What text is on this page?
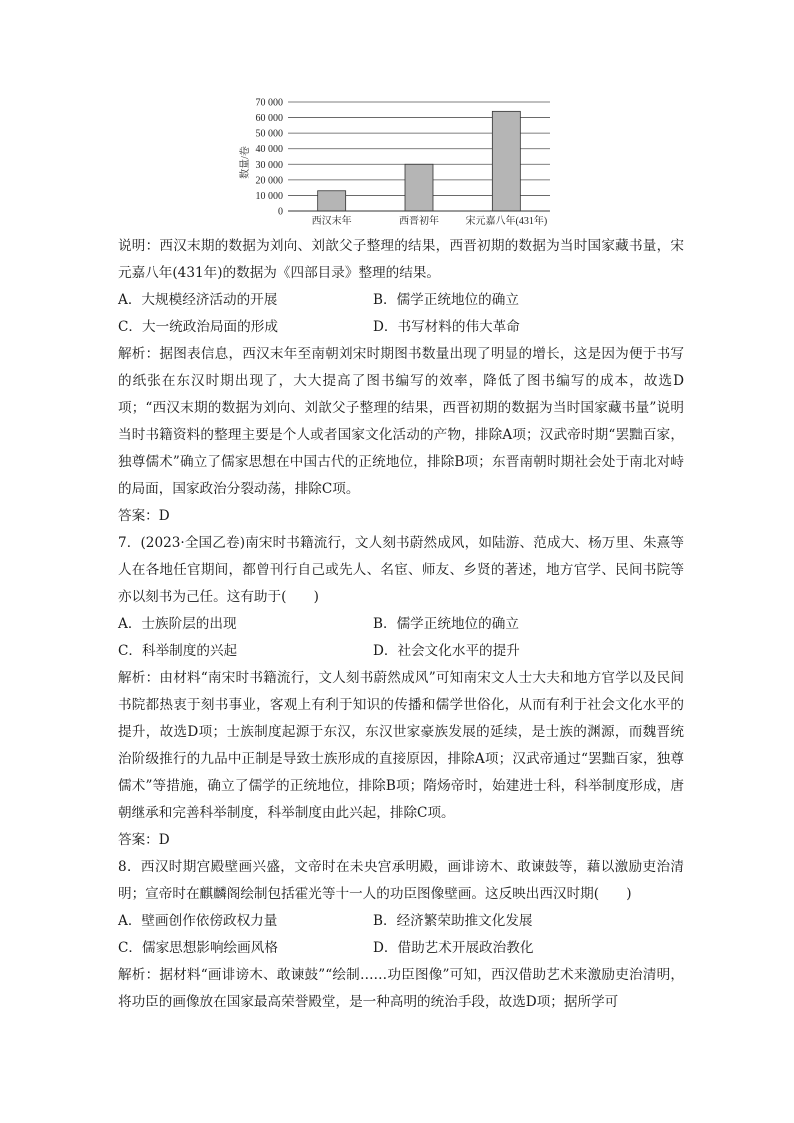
0
10 000
20 000
30 000
40 000
50 000
60 000
70 000
西汉末年	西晋初年	宋元嘉八年(431年)
数量/卷

说明：西汉末期的数据为刘向、刘歆父子整理的结果，西晋初期的数据为当时国家藏书量，宋元嘉八年(431年)的数据为《四部目录》整理的结果。

A．大规模经济活动的开展	B．儒学正统地位的确立
C．大一统政治局面的形成	D．书写材料的伟大革命

解析：据图表信息，西汉末年至南朝刘宋时期图书数量出现了明显的增长，这是因为便于书写的纸张在东汉时期出现了，大大提高了图书编写的效率，降低了图书编写的成本，故选D项；“西汉末期的数据为刘向、刘歆父子整理的结果，西晋初期的数据为当时国家藏书量”说明当时书籍资料的整理主要是个人或者国家文化活动的产物，排除A项；汉武帝时期“罢黜百家，独尊儒术”确立了儒家思想在中国古代的正统地位，排除B项；东晋南朝时期社会处于南北对峙的局面，国家政治分裂动荡，排除C项。

答案：D

7．(2023·全国乙卷)南宋时书籍流行，文人刻书蔚然成风，如陆游、范成大、杨万里、朱熹等人在各地任官期间，都曾刊行自己或先人、名宦、师友、乡贤的著述，地方官学、民间书院等亦以刻书为己任。这有助于(　　)

A．士族阶层的出现	B．儒学正统地位的确立
C．科举制度的兴起	D．社会文化水平的提升

解析：由材料“南宋时书籍流行，文人刻书蔚然成风”可知南宋文人士大夫和地方官学以及民间书院都热衷于刻书事业，客观上有利于知识的传播和儒学世俗化，从而有利于社会文化水平的提升，故选D项；士族制度起源于东汉，东汉世家豪族发展的延续，是士族的渊源，而魏晋统治阶级推行的九品中正制是导致士族形成的直接原因，排除A项；汉武帝通过“罢黜百家，独尊儒术”等措施，确立了儒学的正统地位，排除B项；隋炀帝时，始建进士科，科举制度形成，唐朝继承和完善科举制度，科举制度由此兴起，排除C项。

答案：D

8．西汉时期宫殿壁画兴盛，文帝时在未央宫承明殿，画诽谤木、敢谏鼓等，藉以激励吏治清明；宣帝时在麒麟阁绘制包括霍光等十一人的功臣图像壁画。这反映出西汉时期(　　)

A．壁画创作依傍政权力量	B．经济繁荣助推文化发展
C．儒家思想影响绘画风格	D．借助艺术开展政治教化

解析：据材料“画诽谤木、敢谏鼓”“绘制……功臣图像”可知，西汉借助艺术来激励吏治清明，将功臣的画像放在国家最高荣誉殿堂，是一种高明的统治手段，故选D项；据所学可
